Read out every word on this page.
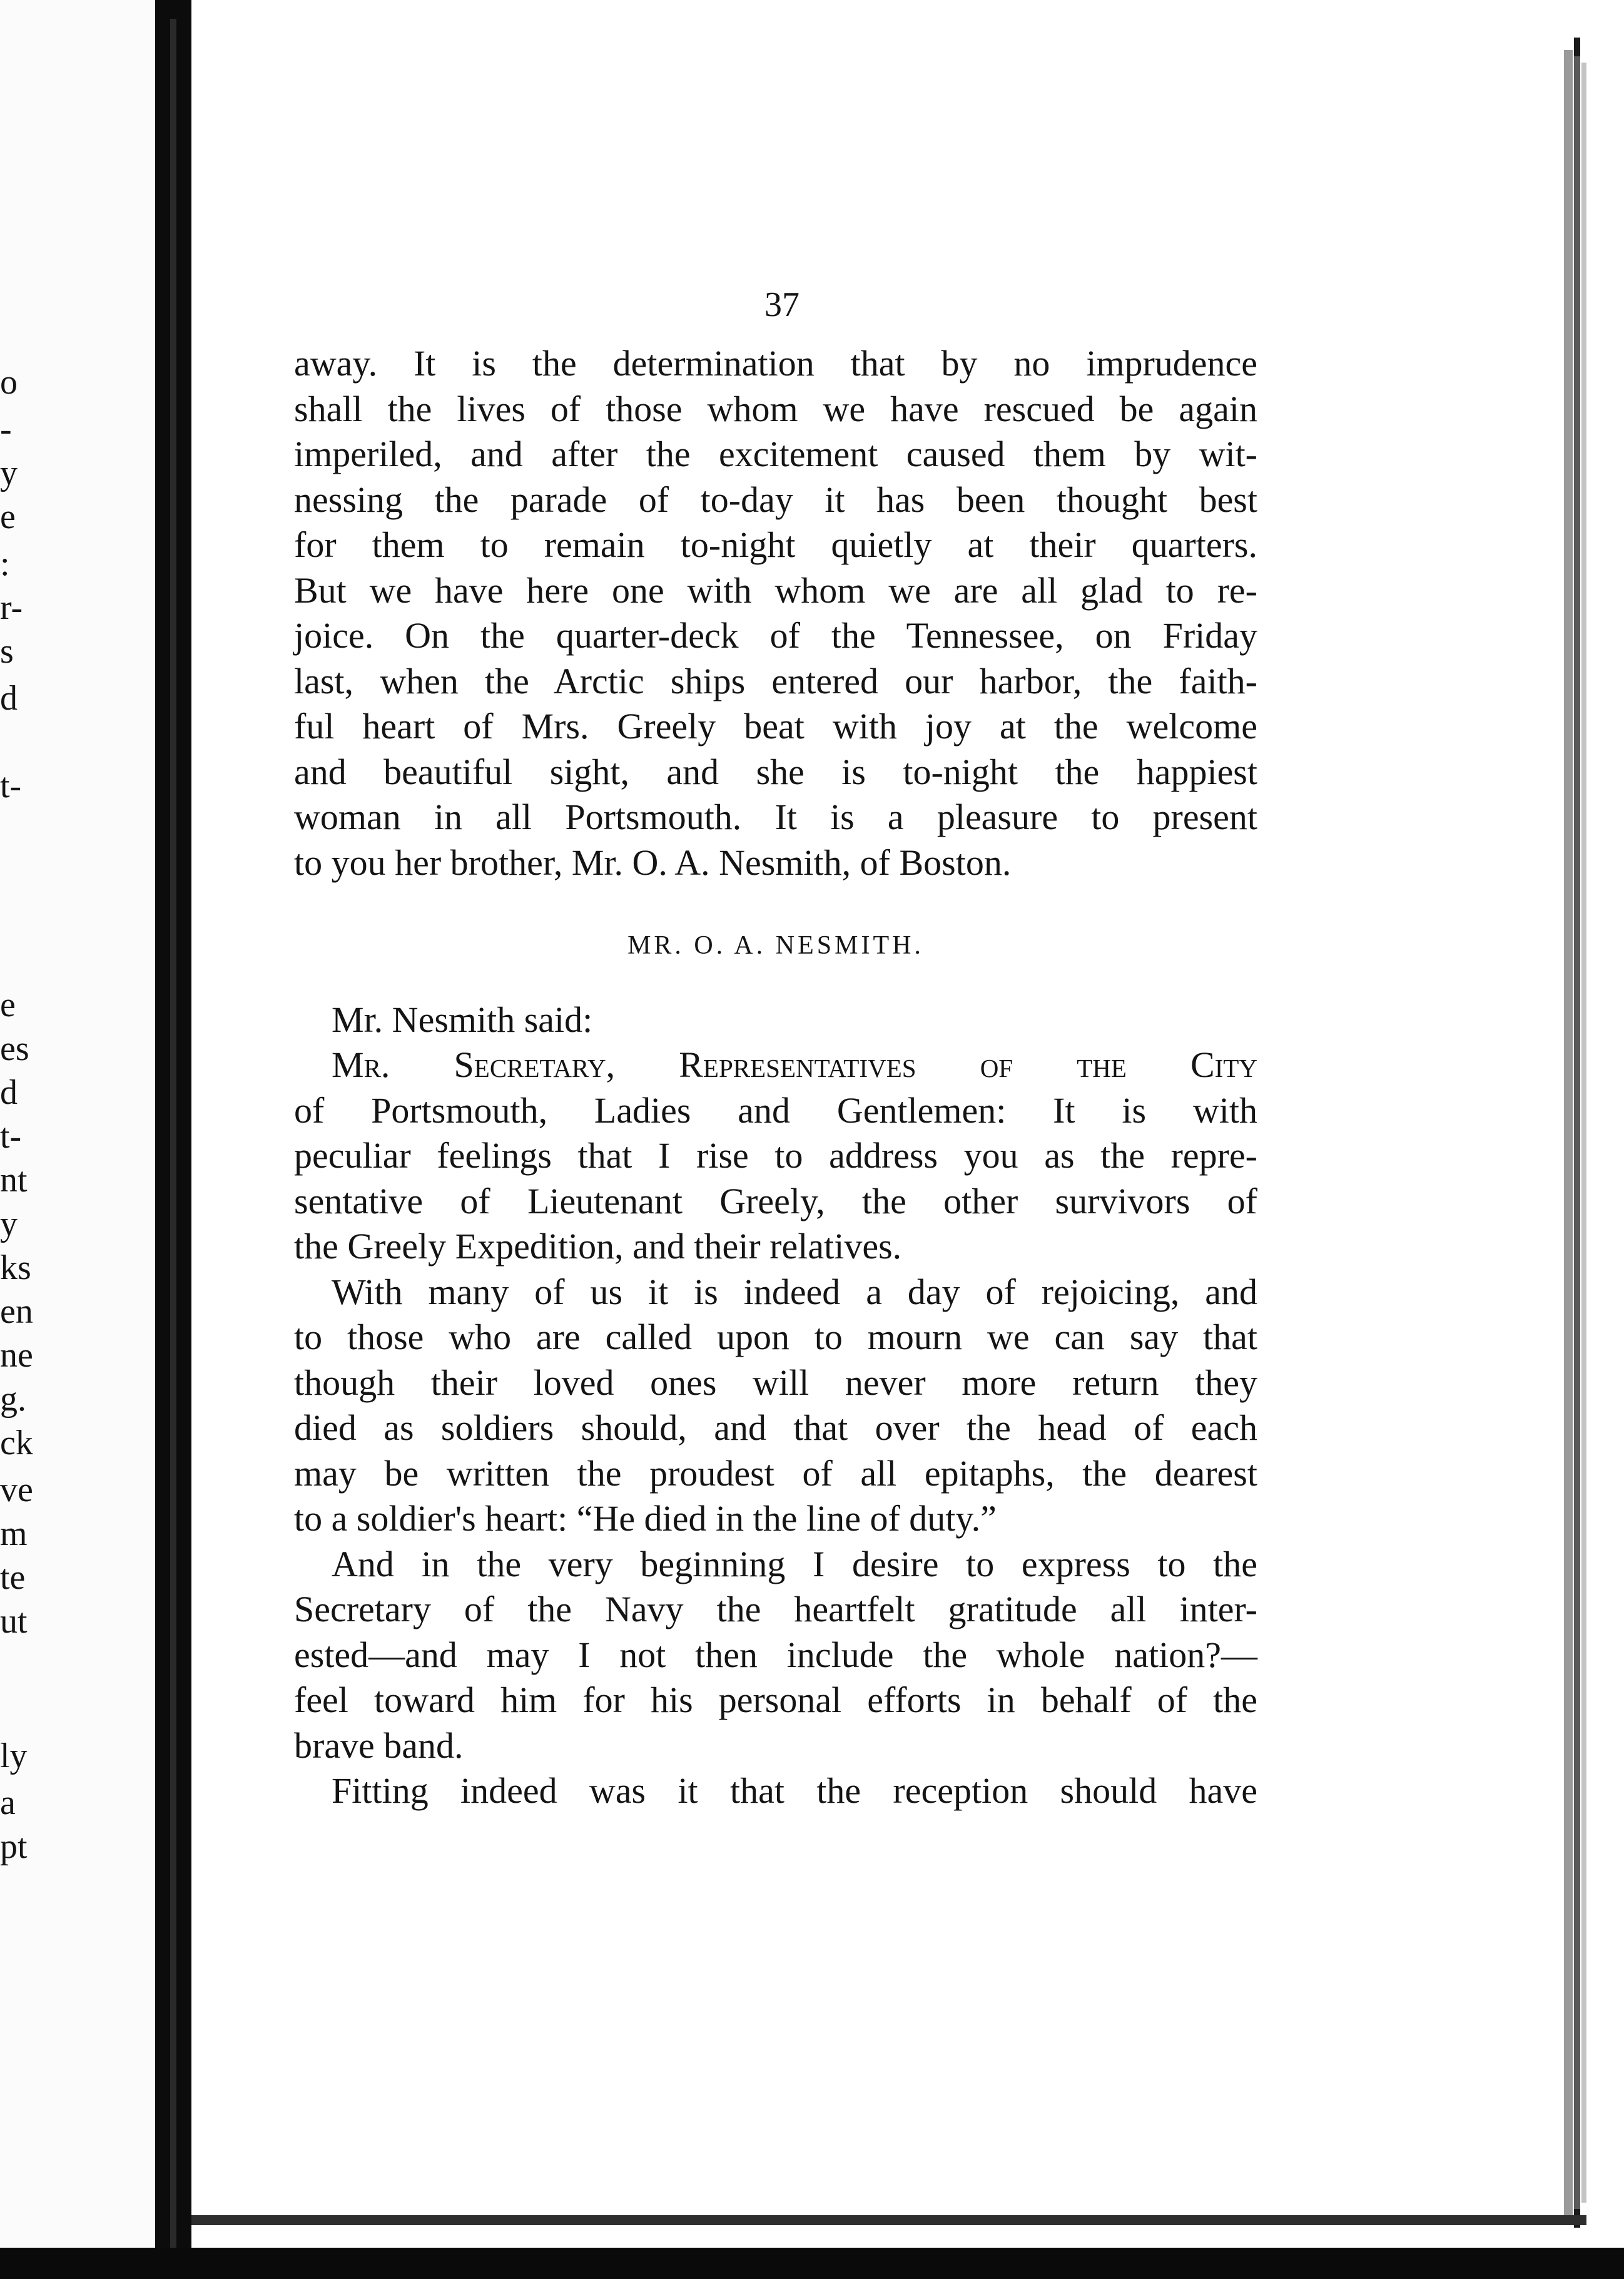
o
-
y
e
:
r-
s
d
t-
e
es
d
t-
nt
y
ks
en
ne
g.
ck
ve
m
te
ut
ly
a
pt
37
away. It is the determination that by no imprudence
shall the lives of those whom we have rescued be again
imperiled, and after the excitement caused them by wit-
nessing the parade of to-day it has been thought best
for them to remain to-night quietly at their quarters.
But we have here one with whom we are all glad to re-
joice. On the quarter-deck of the Tennessee, on Friday
last, when the Arctic ships entered our harbor, the faith-
ful heart of Mrs. Greely beat with joy at the welcome
and beautiful sight, and she is to-night the happiest
woman in all Portsmouth. It is a pleasure to present
to you her brother, Mr. O. A. Nesmith, of Boston.
MR. O. A. NESMITH.
Mr. Nesmith said:
Mr. Secretary, Representatives of the City
of Portsmouth, Ladies and Gentlemen: It is with
peculiar feelings that I rise to address you as the repre-
sentative of Lieutenant Greely, the other survivors of
the Greely Expedition, and their relatives.
With many of us it is indeed a day of rejoicing, and
to those who are called upon to mourn we can say that
though their loved ones will never more return they
died as soldiers should, and that over the head of each
may be written the proudest of all epitaphs, the dearest
to a soldier's heart: “He died in the line of duty.”
And in the very beginning I desire to express to the
Secretary of the Navy the heartfelt gratitude all inter-
ested—and may I not then include the whole nation?—
feel toward him for his personal efforts in behalf of the
brave band.
Fitting indeed was it that the reception should have
